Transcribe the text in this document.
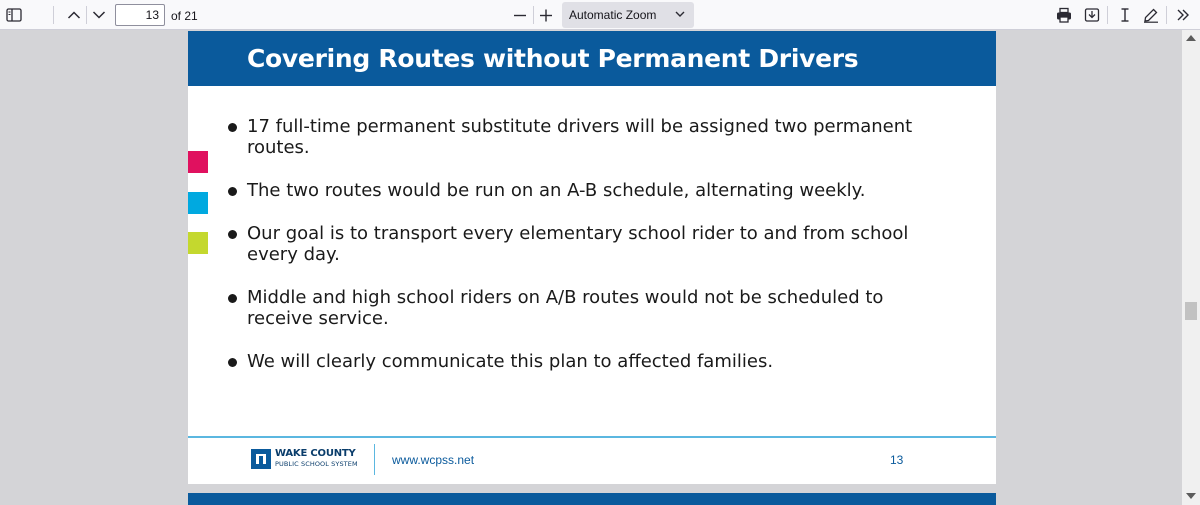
13
of 21	Automatic Zoom
Covering Routes without Permanent Drivers
17 full-time permanent substitute drivers will be assigned two permanent routes.
The two routes would be run on an A-B schedule, alternating weekly.
Our goal is to transport every elementary school rider to and from school every day.
Middle and high school riders on A/B routes would not be scheduled to receive service.
We will clearly communicate this plan to affected families.
WAKE COUNTY
PUBLIC SCHOOL SYSTEM	www.wcpss.net	13
